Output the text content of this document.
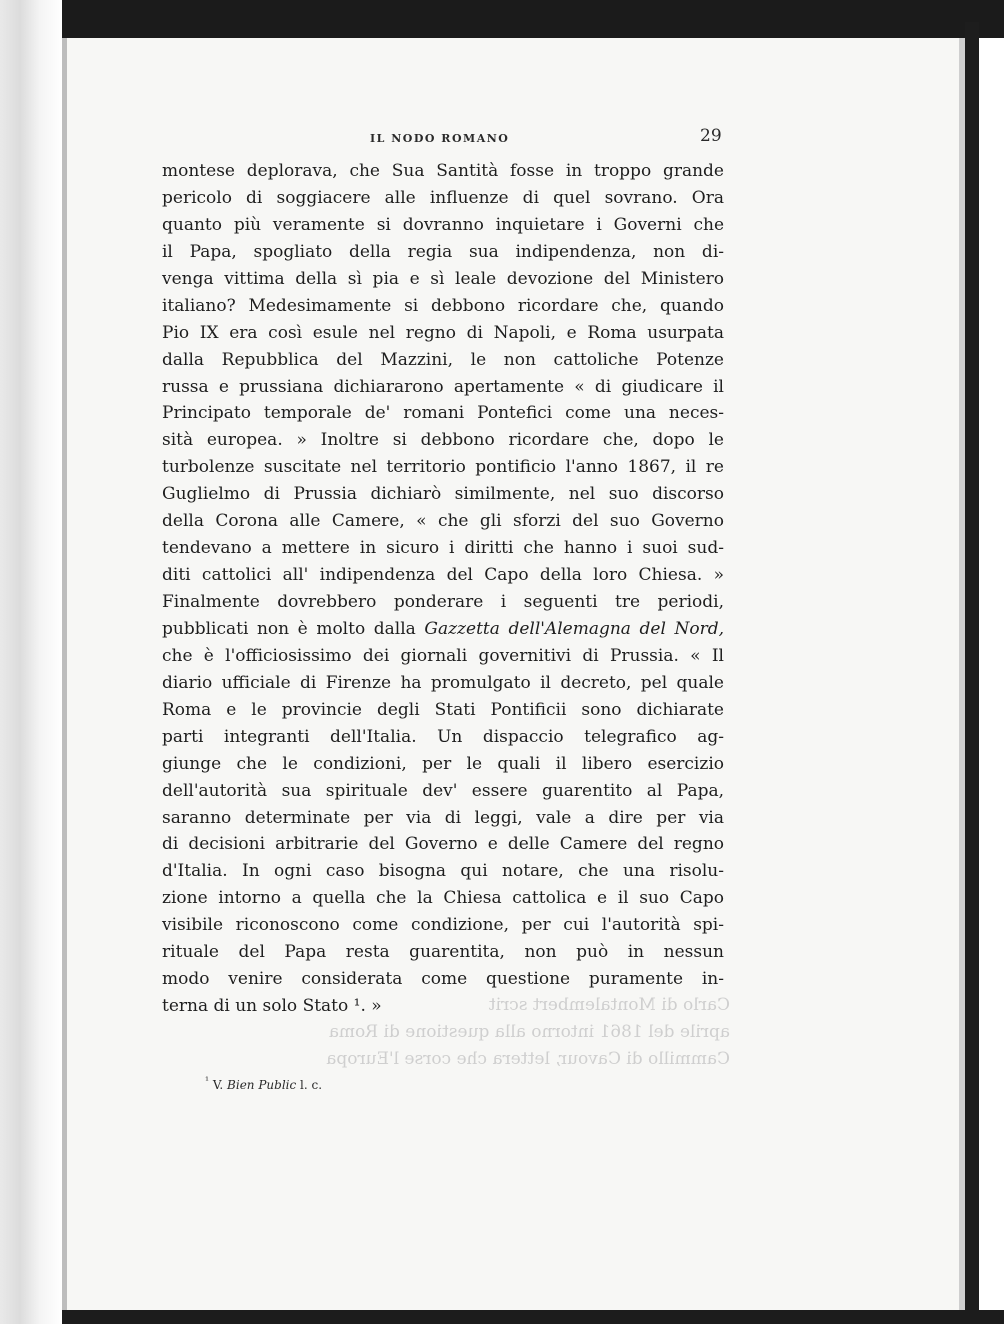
IL NODO ROMANO	29
montese deplorava, che Sua Santità fosse in troppo grande
pericolo di soggiacere alle influenze di quel sovrano. Ora
quanto più veramente si dovranno inquietare i Governi che
il Papa, spogliato della regia sua indipendenza, non di-
venga vittima della sì pia e sì leale devozione del Ministero
italiano? Medesimamente si debbono ricordare che, quando
Pio IX era così esule nel regno di Napoli, e Roma usurpata
dalla Repubblica del Mazzini, le non cattoliche Potenze
russa e prussiana dichiararono apertamente « di giudicare il
Principato temporale de' romani Pontefici come una neces-
sità europea. » Inoltre si debbono ricordare che, dopo le
turbolenze suscitate nel territorio pontificio l'anno 1867, il re
Guglielmo di Prussia dichiarò similmente, nel suo discorso
della Corona alle Camere, « che gli sforzi del suo Governo
tendevano a mettere in sicuro i diritti che hanno i suoi sud-
diti cattolici all' indipendenza del Capo della loro Chiesa. »
Finalmente dovrebbero ponderare i seguenti tre periodi,
pubblicati non è molto dalla Gazzetta dell'Alemagna del Nord,
che è l'officiosissimo dei giornali governitivi di Prussia. « Il
diario ufficiale di Firenze ha promulgato il decreto, pel quale
Roma e le provincie degli Stati Pontificii sono dichiarate
parti integranti dell'Italia. Un dispaccio telegrafico ag-
giunge che le condizioni, per le quali il libero esercizio
dell'autorità sua spirituale dev' essere guarentito al Papa,
saranno determinate per via di leggi, vale a dire per via
di decisioni arbitrarie del Governo e delle Camere del regno
d'Italia. In ogni caso bisogna qui notare, che una risolu-
zione intorno a quella che la Chiesa cattolica e il suo Capo
visibile riconoscono come condizione, per cui l'autorità spi-
rituale del Papa resta guarentita, non può in nessun
modo venire considerata come questione puramente in-
terna di un solo Stato ¹. »	Carlo di Montalembert scrit
aprile del 1861 intorno alla questione di Roma
Cammillo di Cavour, lettera che corse l'Europa
$^{^1}$ V. Bien Public l. c.
